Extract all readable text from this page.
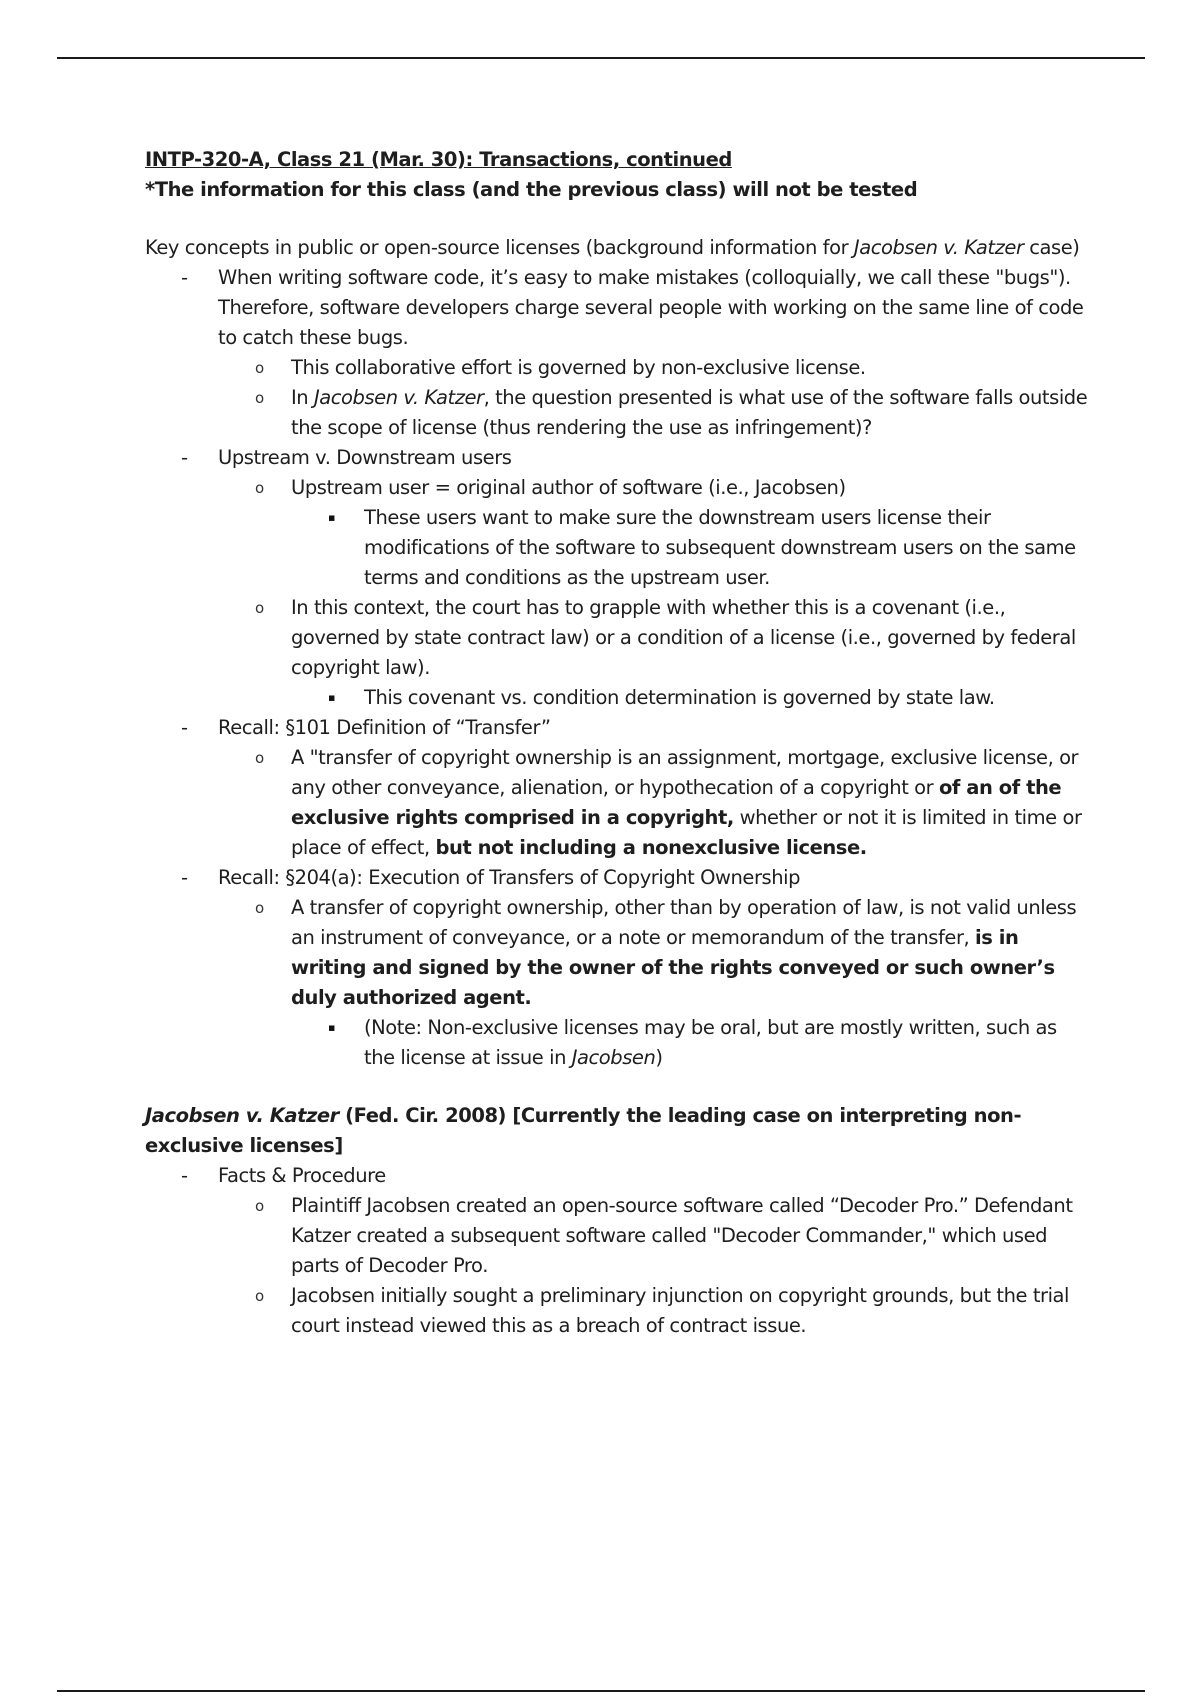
INTP-320-A, Class 21 (Mar. 30): Transactions, continued
*The information for this class (and the previous class) will not be tested
Key concepts in public or open-source licenses (background information for Jacobsen v. Katzer case)
- When writing software code, it’s easy to make mistakes (colloquially, we call these "bugs"). Therefore, software developers charge several people with working on the same line of code to catch these bugs.
o This collaborative effort is governed by non-exclusive license.
o In Jacobsen v. Katzer, the question presented is what use of the software falls outside the scope of license (thus rendering the use as infringement)?
- Upstream v. Downstream users
o Upstream user = original author of software (i.e., Jacobsen)
▪ These users want to make sure the downstream users license their modifications of the software to subsequent downstream users on the same terms and conditions as the upstream user.
o In this context, the court has to grapple with whether this is a covenant (i.e., governed by state contract law) or a condition of a license (i.e., governed by federal copyright law).
▪ This covenant vs. condition determination is governed by state law.
- Recall: §101 Definition of “Transfer”
o A "transfer of copyright ownership is an assignment, mortgage, exclusive license, or any other conveyance, alienation, or hypothecation of a copyright or of an of the exclusive rights comprised in a copyright, whether or not it is limited in time or place of effect, but not including a nonexclusive license.
- Recall: §204(a): Execution of Transfers of Copyright Ownership
o A transfer of copyright ownership, other than by operation of law, is not valid unless an instrument of conveyance, or a note or memorandum of the transfer, is in writing and signed by the owner of the rights conveyed or such owner’s duly authorized agent.
▪ (Note: Non-exclusive licenses may be oral, but are mostly written, such as the license at issue in Jacobsen)
Jacobsen v. Katzer (Fed. Cir. 2008) [Currently the leading case on interpreting non-exclusive licenses]
- Facts & Procedure
o Plaintiff Jacobsen created an open-source software called “Decoder Pro.” Defendant Katzer created a subsequent software called "Decoder Commander," which used parts of Decoder Pro.
o Jacobsen initially sought a preliminary injunction on copyright grounds, but the trial court instead viewed this as a breach of contract issue.
